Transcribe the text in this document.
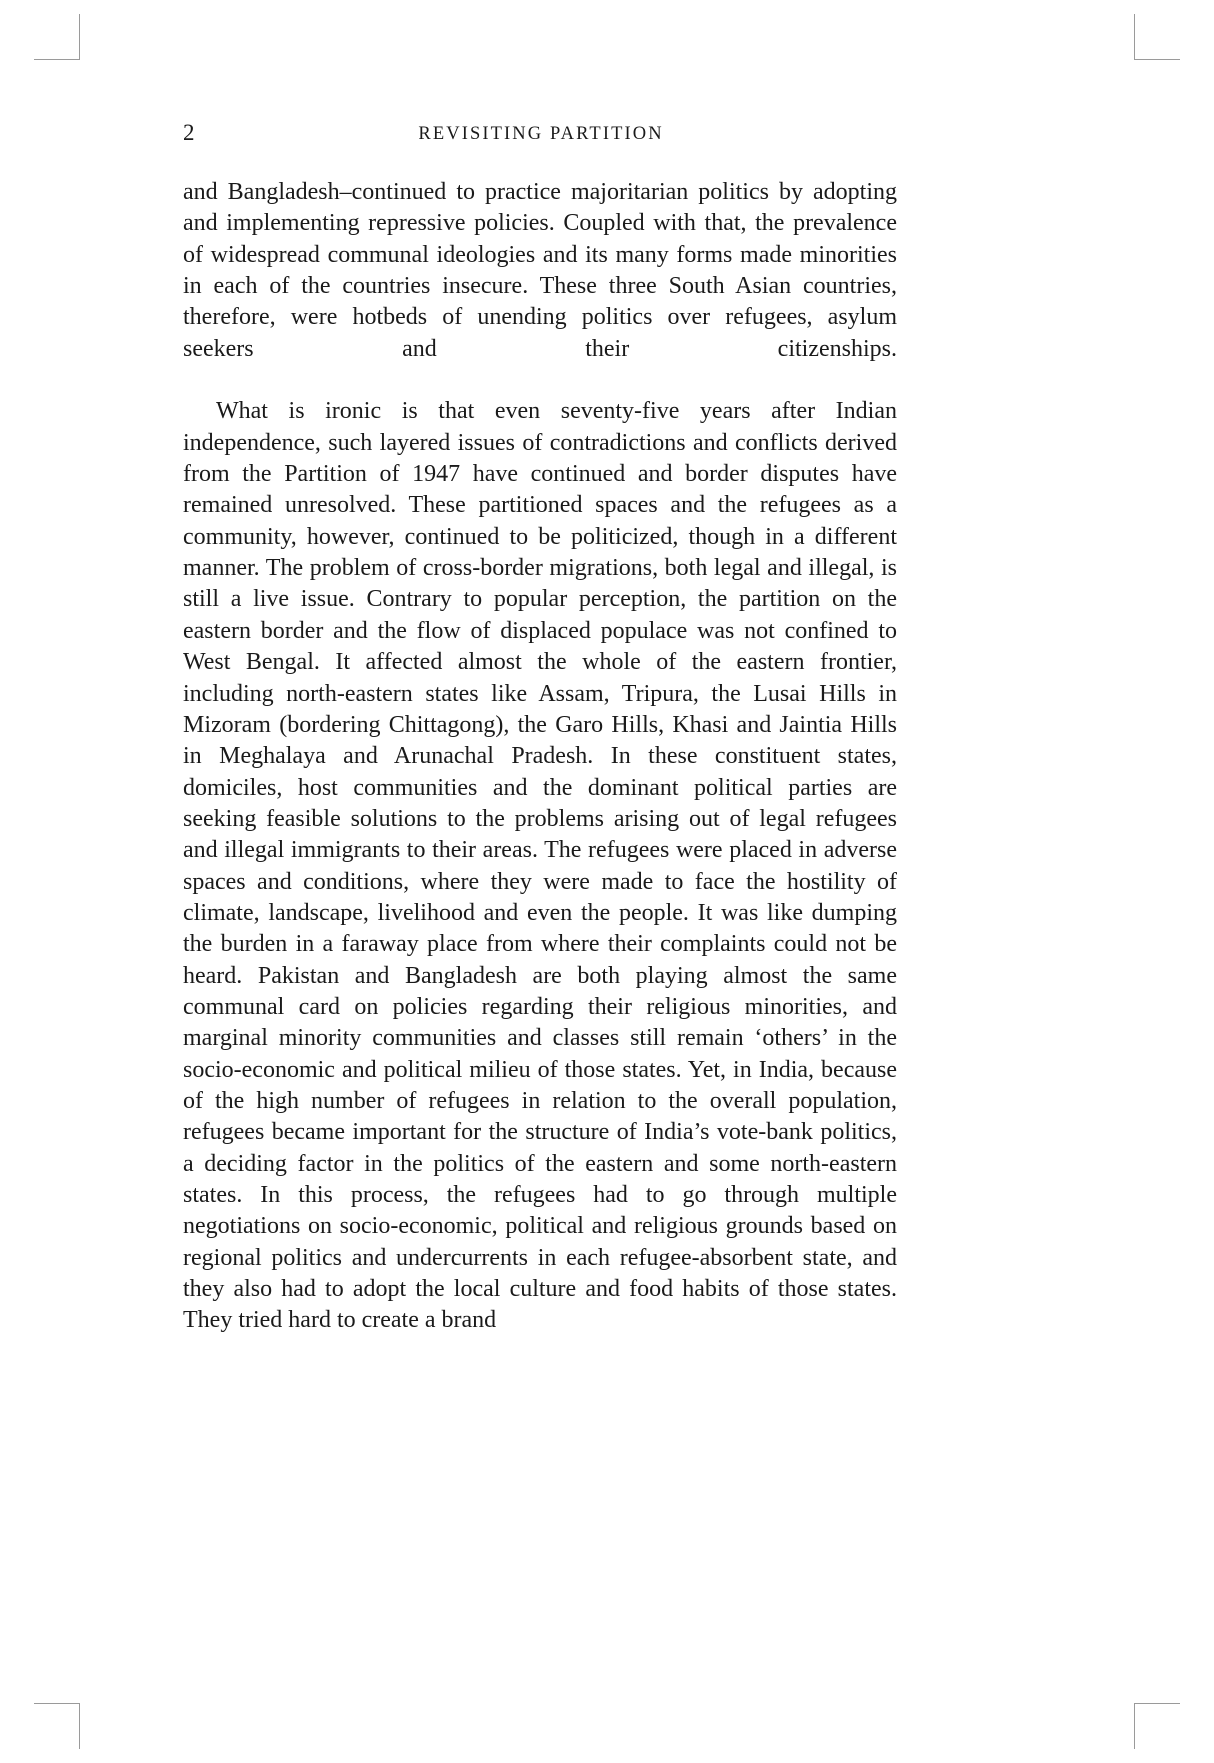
2	REVISITING PARTITION

and Bangladesh–continued to practice majoritarian politics by adopting and implementing repressive policies. Coupled with that, the prevalence of widespread communal ideologies and its many forms made minorities in each of the countries insecure. These three South Asian countries, therefore, were hotbeds of unending politics over refugees, asylum seekers and their citizenships.

What is ironic is that even seventy-five years after Indian independence, such layered issues of contradictions and conflicts derived from the Partition of 1947 have continued and border disputes have remained unresolved. These partitioned spaces and the refugees as a community, however, continued to be politicized, though in a different manner. The problem of cross-border migrations, both legal and illegal, is still a live issue. Contrary to popular perception, the partition on the eastern border and the flow of displaced populace was not confined to West Bengal. It affected almost the whole of the eastern frontier, including north-eastern states like Assam, Tripura, the Lusai Hills in Mizoram (bordering Chittagong), the Garo Hills, Khasi and Jaintia Hills in Meghalaya and Arunachal Pradesh. In these constituent states, domiciles, host communities and the dominant political parties are seeking feasible solutions to the problems arising out of legal refugees and illegal immigrants to their areas. The refugees were placed in adverse spaces and conditions, where they were made to face the hostility of climate, landscape, livelihood and even the people. It was like dumping the burden in a faraway place from where their complaints could not be heard. Pakistan and Bangladesh are both playing almost the same communal card on policies regarding their religious minorities, and marginal minority communities and classes still remain ‘others’ in the socio-economic and political milieu of those states. Yet, in India, because of the high number of refugees in relation to the overall population, refugees became important for the structure of India’s vote-bank politics, a deciding factor in the politics of the eastern and some north-eastern states. In this process, the refugees had to go through multiple negotiations on socio-economic, political and religious grounds based on regional politics and undercurrents in each refugee-absorbent state, and they also had to adopt the local culture and food habits of those states. They tried hard to create a brand
